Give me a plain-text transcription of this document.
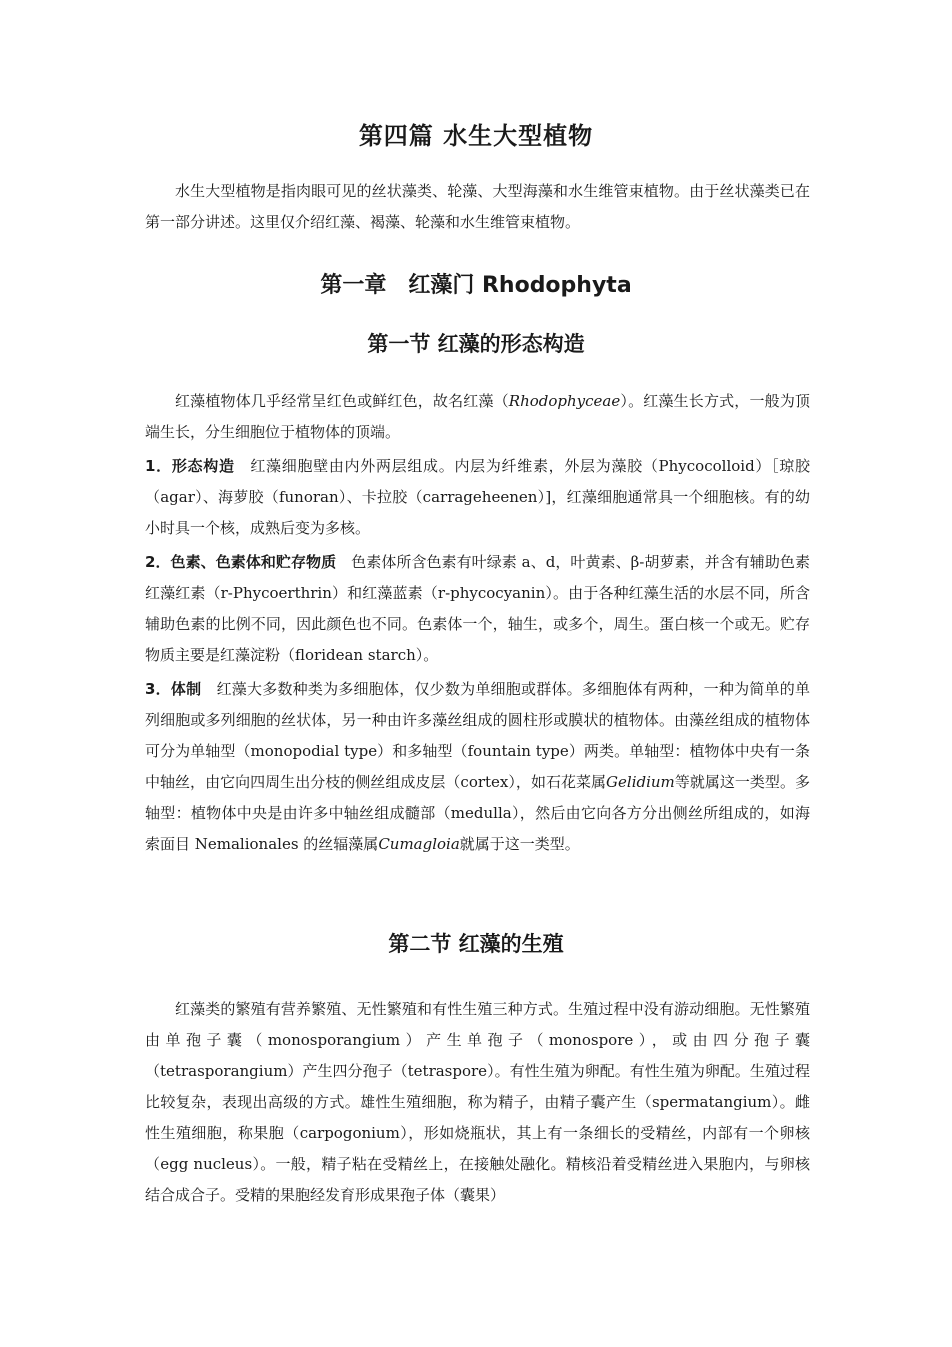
第四篇 水生大型植物

水生大型植物是指肉眼可见的丝状藻类、轮藻、大型海藻和水生维管束植物。由于丝状藻类已在第一部分讲述。这里仅介绍红藻、褐藻、轮藻和水生维管束植物。

第一章　红藻门 Rhodophyta
第一节 红藻的形态构造

红藻植物体几乎经常呈红色或鲜红色，故名红藻（Rhodophyceae）。红藻生长方式，一般为顶端生长，分生细胞位于植物体的顶端。

1．形态构造　 红藻细胞壁由内外两层组成。内层为纤维素，外层为藻胶（Phycocolloid）［琼胶（agar）、海萝胶（funoran）、卡拉胶（carrageheenen）]，红藻细胞通常具一个细胞核。有的幼小时具一个核，成熟后变为多核。

2．色素、色素体和贮存物质　 色素体所含色素有叶绿素 a、d，叶黄素、β-胡萝素，并含有辅助色素红藻红素（r-Phycoerthrin）和红藻蓝素（r-phycocyanin）。由于各种红藻生活的水层不同，所含辅助色素的比例不同，因此颜色也不同。色素体一个，轴生，或多个，周生。蛋白核一个或无。贮存物质主要是红藻淀粉（floridean starch）。

3．体制　 红藻大多数种类为多细胞体，仅少数为单细胞或群体。多细胞体有两种，一种为简单的单列细胞或多列细胞的丝状体，另一种由许多藻丝组成的圆柱形或膜状的植物体。由藻丝组成的植物体可分为单轴型（monopodial type）和多轴型（fountain type）两类。单轴型：植物体中央有一条中轴丝，由它向四周生出分枝的侧丝组成皮层（cortex），如石花菜属Gelidium等就属这一类型。多轴型：植物体中央是由许多中轴丝组成髓部（medulla），然后由它向各方分出侧丝所组成的，如海索面目 Nemalionales 的丝辐藻属Cumagloia就属于这一类型。

第二节 红藻的生殖

红藻类的繁殖有营养繁殖、无性繁殖和有性生殖三种方式。生殖过程中没有游动细胞。无性繁殖由单孢子囊（monosporangium）产生单孢子（monospore），或由四分孢子囊（tetrasporangium）产生四分孢子（tetraspore）。有性生殖为卵配。有性生殖为卵配。生殖过程比较复杂，表现出高级的方式。雄性生殖细胞，称为精子，由精子囊产生（spermatangium）。雌性生殖细胞，称果胞（carpogonium），形如烧瓶状，其上有一条细长的受精丝，内部有一个卵核（egg nucleus）。一般，精子粘在受精丝上，在接触处融化。精核沿着受精丝进入果胞内，与卵核结合成合子。受精的果胞经发育形成果孢子体（囊果）
